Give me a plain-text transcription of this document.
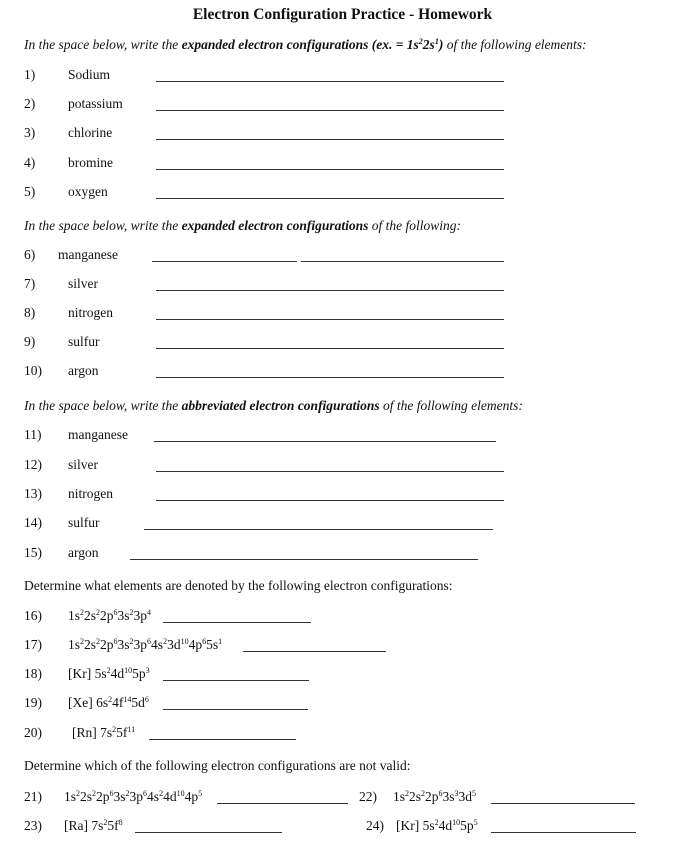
Electron Configuration Practice - Homework
In the space below, write the expanded electron configurations (ex. = $1s^22s^1$) of the following elements:
1) Sodium
2) potassium
3) chlorine
4) bromine
5) oxygen
In the space below, write the expanded electron configurations of the following:
6) manganese
7) silver
8) nitrogen
9) sulfur
10) argon
In the space below, write the abbreviated electron configurations of the following elements:
11) manganese
12) silver
13) nitrogen
14) sulfur
15) argon
Determine what elements are denoted by the following electron configurations:
16) $1s^22s^22p^63s^23p^4$
17) $1s^22s^22p^63s^23p^64s^23d^{10}4p^65s^1$
18) [Kr] $5s^24d^{10}5p^3$
19) [Xe] $6s^24f^{14}5d^6$
20) [Rn] $7s^25f^{11}$
Determine which of the following electron configurations are not valid:
21) $1s^22s^22p^63s^23p^64s^24d^{10}4p^5$	22) $1s^22s^22p^63s^33d^5$
23) [Ra] $7s^25f^8$	24) [Kr] $5s^24d^{10}5p^5$
